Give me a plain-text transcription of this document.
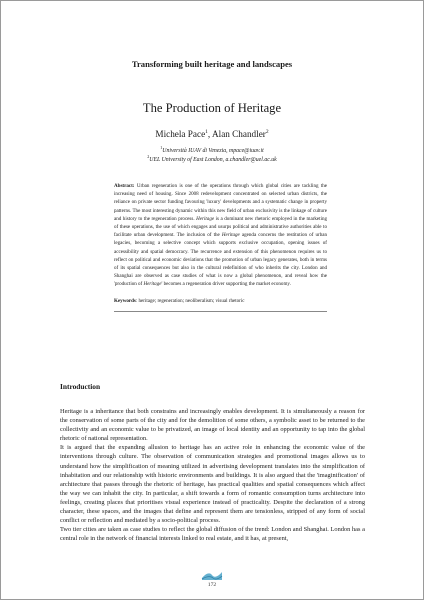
Transforming built heritage and landscapes
The Production of Heritage
Michela Pace$^1$, Alan Chandler$^2$
$^1$Università IUAV di Venezia, mpace@iuav.it
$^2$UEL University of East London, a.chandler@uel.ac.uk
Abstract: Urban regeneration is one of the operations through which global cities are tackling the increasing need of housing. Since 2008 redevelopment concentrated on selected urban districts, the reliance on private sector funding favouring 'luxury' developments and a systematic change in property patterns. The most interesting dynamic within this new field of urban exclusivity is the linkage of culture and history to the regeneration process. Heritage is a dominant new rhetoric employed in the marketing of these operations, the use of which engages and usurps political and administrative authorities able to facilitate urban development. The inclusion of the Heritage agenda concerns the restitution of urban legacies, becoming a selective concept which supports exclusive occupation, opening issues of accessibility and spatial democracy. The recurrence and extension of this phenomenon requires us to reflect on political and economic deviations that the promotion of urban legacy generates, both in terms of its spatial consequences but also in the cultural redefinition of who inherits the city. London and Shanghai are observed as case studies of what is now a global phenomenon, and reveal how the 'production of Heritage' becomes a regeneration driver supporting the market economy.
Keywords: heritage; regeneration; neoliberalism; visual rhetoric
Introduction

Heritage is a inheritance that both constrains and increasingly enables development. It is simultaneously a reason for the conservation of some parts of the city and for the demolition of some others, a symbolic asset to be returned to the collectivity and an economic value to be privatized, an image of local identity and an opportunity to tap into the global rhetoric of national representation.

It is argued that the expanding allusion to heritage has an active role in enhancing the economic value of the interventions through culture. The observation of communication strategies and promotional images allows us to understand how the simplification of meaning utilized in advertising development translates into the simplification of inhabitation and our relationship with historic environments and buildings. It is also argued that the 'imaginification' of architecture that passes through the rhetoric of heritage, has practical qualities and spatial consequences which affect the way we can inhabit the city. In particular, a shift towards a form of romantic consumption turns architecture into feelings, creating places that prioritises visual experience instead of practicality. Despite the declaration of a strong character, these spaces, and the images that define and represent them are tensionless, stripped of any form of social conflict or reflection and mediated by a socio-political process.

Two tier cities are taken as case studies to reflect the global diffusion of the trend: London and Shanghai. London has a central role in the network of financial interests linked to real estate, and it has, at present,

172
